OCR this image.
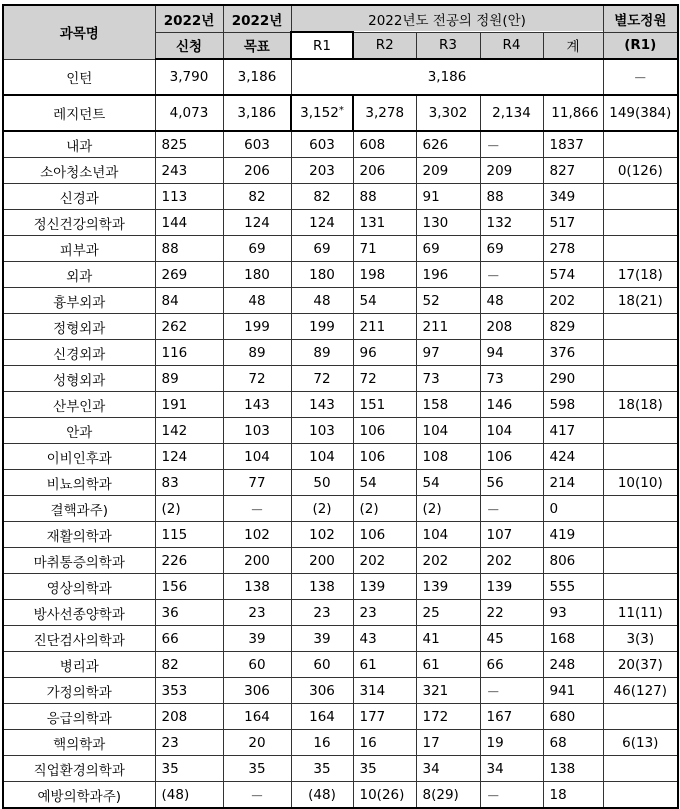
과목명	2022년	2022년	2022년도 전공의 정원(안)					별도정원
	신청	목표	R1	R2	R3	R4	계	(R1)
인턴	3,790	3,186	3,186					－
레지던트	4,073	3,186	3,152*	3,278	3,302	2,134	11,866	149(384)
내과	825	603	603	608	626	－	1837	
소아청소년과	243	206	203	206	209	209	827	0(126)
신경과	113	82	82	88	91	88	349	
정신건강의학과	144	124	124	131	130	132	517	
피부과	88	69	69	71	69	69	278	
외과	269	180	180	198	196	－	574	17(18)
흉부외과	84	48	48	54	52	48	202	18(21)
정형외과	262	199	199	211	211	208	829	
신경외과	116	89	89	96	97	94	376	
성형외과	89	72	72	72	73	73	290	
산부인과	191	143	143	151	158	146	598	18(18)
안과	142	103	103	106	104	104	417	
이비인후과	124	104	104	106	108	106	424	
비뇨의학과	83	77	50	54	54	56	214	10(10)
결핵과주)	(2)	－	(2)	(2)	(2)	－	0	
재활의학과	115	102	102	106	104	107	419	
마취통증의학과	226	200	200	202	202	202	806	
영상의학과	156	138	138	139	139	139	555	
방사선종양학과	36	23	23	23	25	22	93	11(11)
진단검사의학과	66	39	39	43	41	45	168	3(3)
병리과	82	60	60	61	61	66	248	20(37)
가정의학과	353	306	306	314	321	－	941	46(127)
응급의학과	208	164	164	177	172	167	680	
핵의학과	23	20	16	16	17	19	68	6(13)
직업환경의학과	35	35	35	35	34	34	138	
예방의학과주)	(48)	－	(48)	10(26)	8(29)	－	18	
